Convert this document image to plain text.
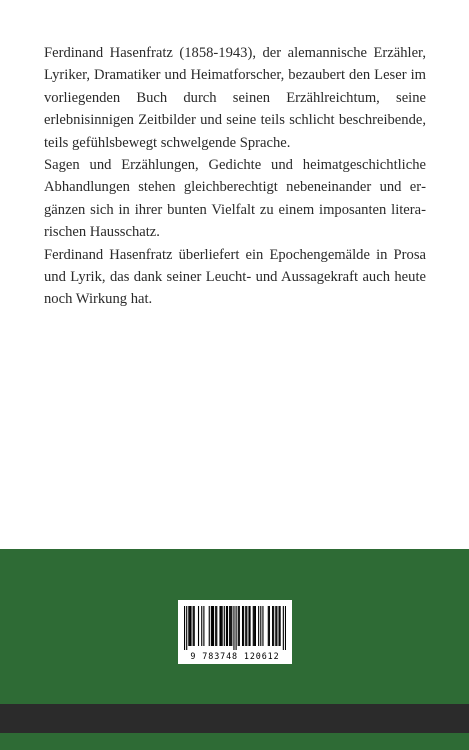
Ferdinand Hasenfratz (1858-1943), der alemannische Erzähler, Lyriker, Dramatiker und Heimatforscher, bezaubert den Leser im vorliegenden Buch durch seinen Erzählreichtum, seine erlebnisinnigen Zeitbilder und seine teils schlicht beschreibende, teils gefühlsbewegt schwelgende Sprache.

Sagen und Erzählungen, Gedichte und heimatgeschichtliche Abhandlungen stehen gleichberechtigt nebeneinander und ergänzen sich in ihrer bunten Vielfalt zu einem imposanten literarischen Hausschatz.

Ferdinand Hasenfratz überliefert ein Epochengemälde in Prosa und Lyrik, das dank seiner Leucht- und Aussagekraft auch heute noch Wirkung hat.

9 783748 120612
